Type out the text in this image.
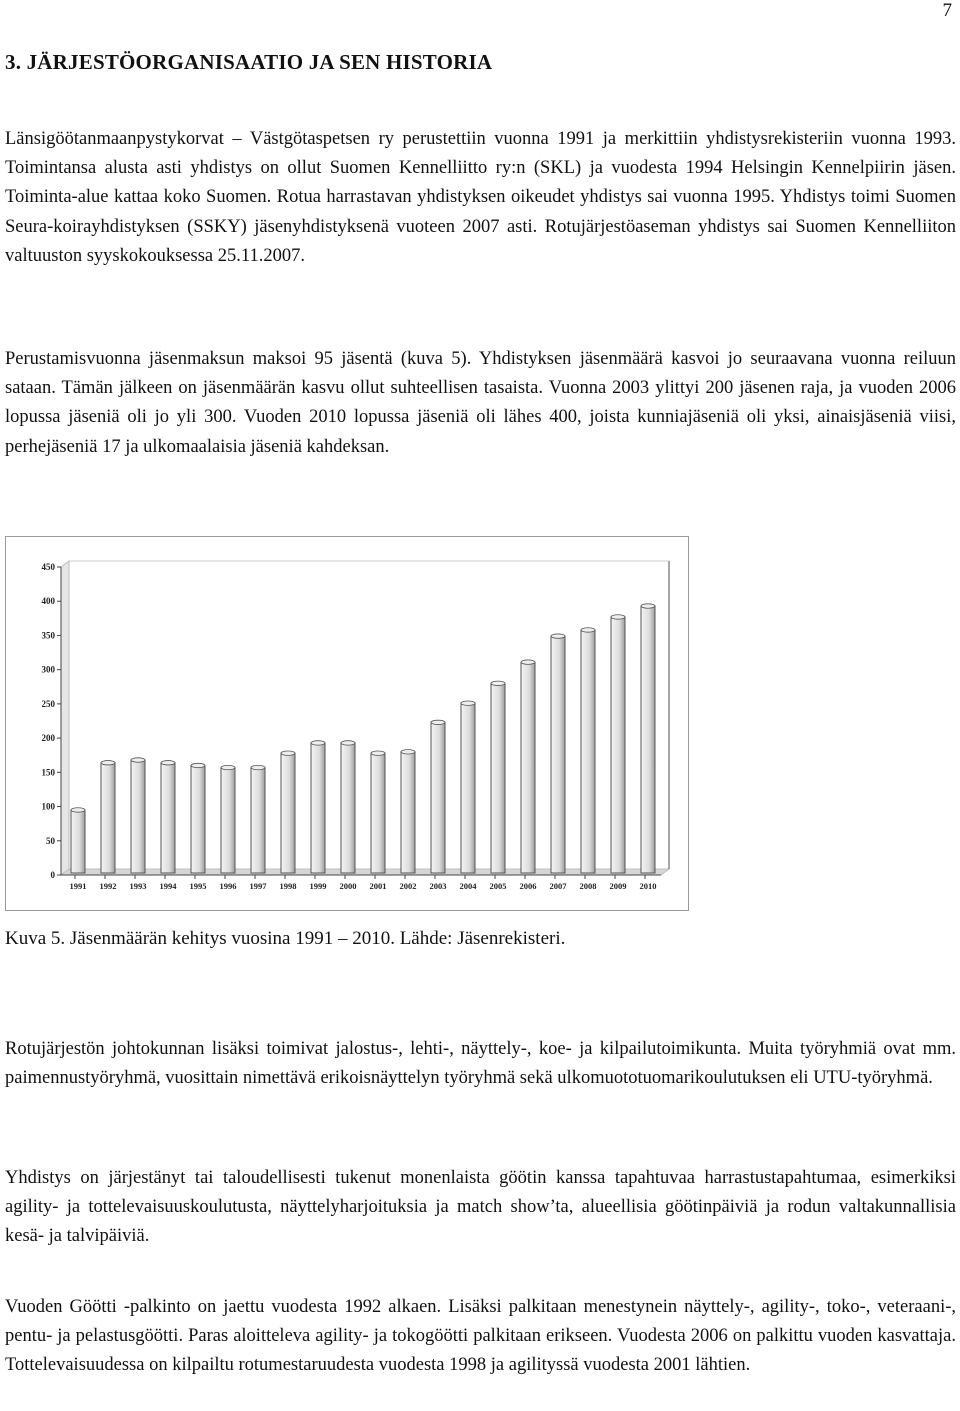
7
3. JÄRJESTÖORGANISAATIO JA SEN HISTORIA

Länsigöötanmaanpystykorvat – Västgötaspetsen ry perustettiin vuonna 1991 ja merkittiin yhdistysrekisteriin vuonna 1993. Toimintansa alusta asti yhdistys on ollut Suomen Kennelliitto ry:n (SKL) ja vuodesta 1994 Helsingin Kennelpiirin jäsen. Toiminta-alue kattaa koko Suomen. Rotua harrastavan yhdistyksen oikeudet yhdistys sai vuonna 1995. Yhdistys toimi Suomen Seura-koirayhdistyksen (SSKY) jäsenyhdistyksenä vuoteen 2007 asti. Rotujärjestöaseman yhdistys sai Suomen Kennelliiton valtuuston syyskokouksessa 25.11.2007.

Perustamisvuonna jäsenmaksun maksoi 95 jäsentä (kuva 5). Yhdistyksen jäsenmäärä kasvoi jo seuraavana vuonna reiluun sataan. Tämän jälkeen on jäsenmäärän kasvu ollut suhteellisen tasaista. Vuonna 2003 ylittyi 200 jäsenen raja, ja vuoden 2006 lopussa jäseniä oli jo yli 300. Vuoden 2010 lopussa jäseniä oli lähes 400, joista kunniajäseniä oli yksi, ainaisjäseniä viisi, perhejäseniä 17 ja ulkomaalaisia jäseniä kahdeksan.

0
50
100
150
200
250
300
350
400
450
1991 1992 1993 1994 1995 1996 1997 1998 1999 2000 2001 2002 2003 2004 2005 2006 2007 2008 2009 2010

Kuva 5. Jäsenmäärän kehitys vuosina 1991 – 2010. Lähde: Jäsenrekisteri.

Rotujärjestön johtokunnan lisäksi toimivat jalostus-, lehti-, näyttely-, koe- ja kilpailutoimikunta. Muita työryhmiä ovat mm. paimennustyöryhmä, vuosittain nimettävä erikoisnäyttelyn työryhmä sekä ulkomuototuomarikoulutuksen eli UTU-työryhmä.

Yhdistys on järjestänyt tai taloudellisesti tukenut monenlaista göötin kanssa tapahtuvaa harrastustapahtumaa, esimerkiksi agility- ja tottelevaisuuskoulutusta, näyttelyharjoituksia ja match show’ta, alueellisia göötinpäiviä ja rodun valtakunnallisia kesä- ja talvipäiviä.

Vuoden Göötti -palkinto on jaettu vuodesta 1992 alkaen. Lisäksi palkitaan menestynein näyttely-, agility-, toko-, veteraani-, pentu- ja pelastusgöötti. Paras aloitteleva agility- ja tokogöötti palkitaan erikseen. Vuodesta 2006 on palkittu vuoden kasvattaja. Tottelevaisuudessa on kilpailtu rotumestaruudesta vuodesta 1998 ja agilityssä vuodesta 2001 lähtien.
